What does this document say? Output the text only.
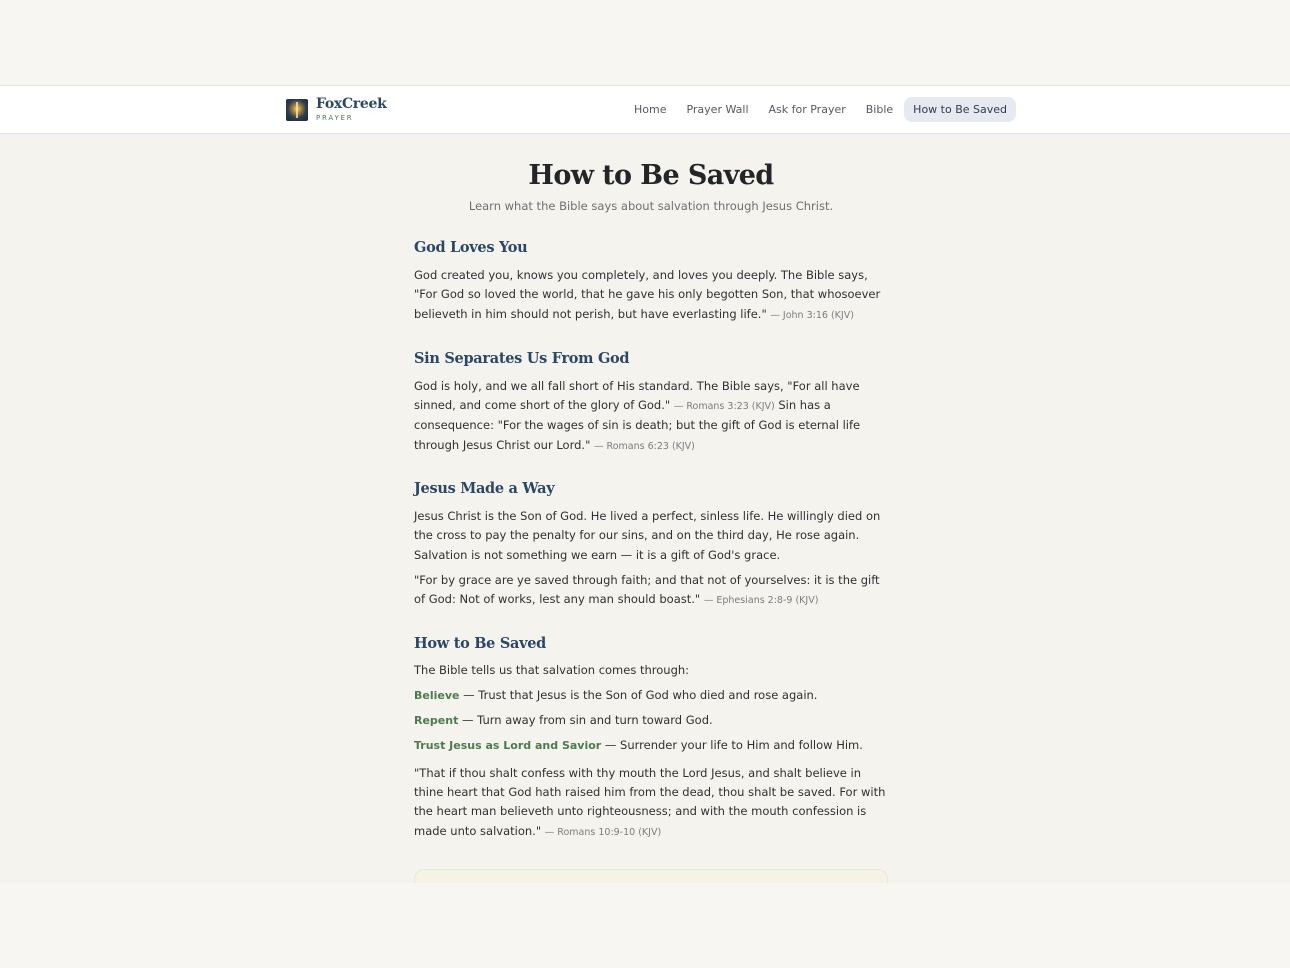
FoxCreek
PRAYER
Home	Prayer Wall	Ask for Prayer	Bible	How to Be Saved
How to Be Saved
Learn what the Bible says about salvation through Jesus Christ.
God Loves You

God created you, knows you completely, and loves you deeply. The Bible says, "For God so loved the world, that he gave his only begotten Son, that whosoever believeth in him should not perish, but have everlasting life." — John 3:16 (KJV)

Sin Separates Us From God

God is holy, and we all fall short of His standard. The Bible says, "For all have sinned, and come short of the glory of God." — Romans 3:23 (KJV) Sin has a consequence: "For the wages of sin is death; but the gift of God is eternal life through Jesus Christ our Lord." — Romans 6:23 (KJV)

Jesus Made a Way

Jesus Christ is the Son of God. He lived a perfect, sinless life. He willingly died on the cross to pay the penalty for our sins, and on the third day, He rose again. Salvation is not something we earn — it is a gift of God's grace.

"For by grace are ye saved through faith; and that not of yourselves: it is the gift of God: Not of works, lest any man should boast." — Ephesians 2:8-9 (KJV)

How to Be Saved

The Bible tells us that salvation comes through:

Believe — Trust that Jesus is the Son of God who died and rose again.
Repent — Turn away from sin and turn toward God.
Trust Jesus as Lord and Savior — Surrender your life to Him and follow Him.

"That if thou shalt confess with thy mouth the Lord Jesus, and shalt believe in thine heart that God hath raised him from the dead, thou shalt be saved. For with the heart man believeth unto righteousness; and with the mouth confession is made unto salvation." — Romans 10:9-10 (KJV)
